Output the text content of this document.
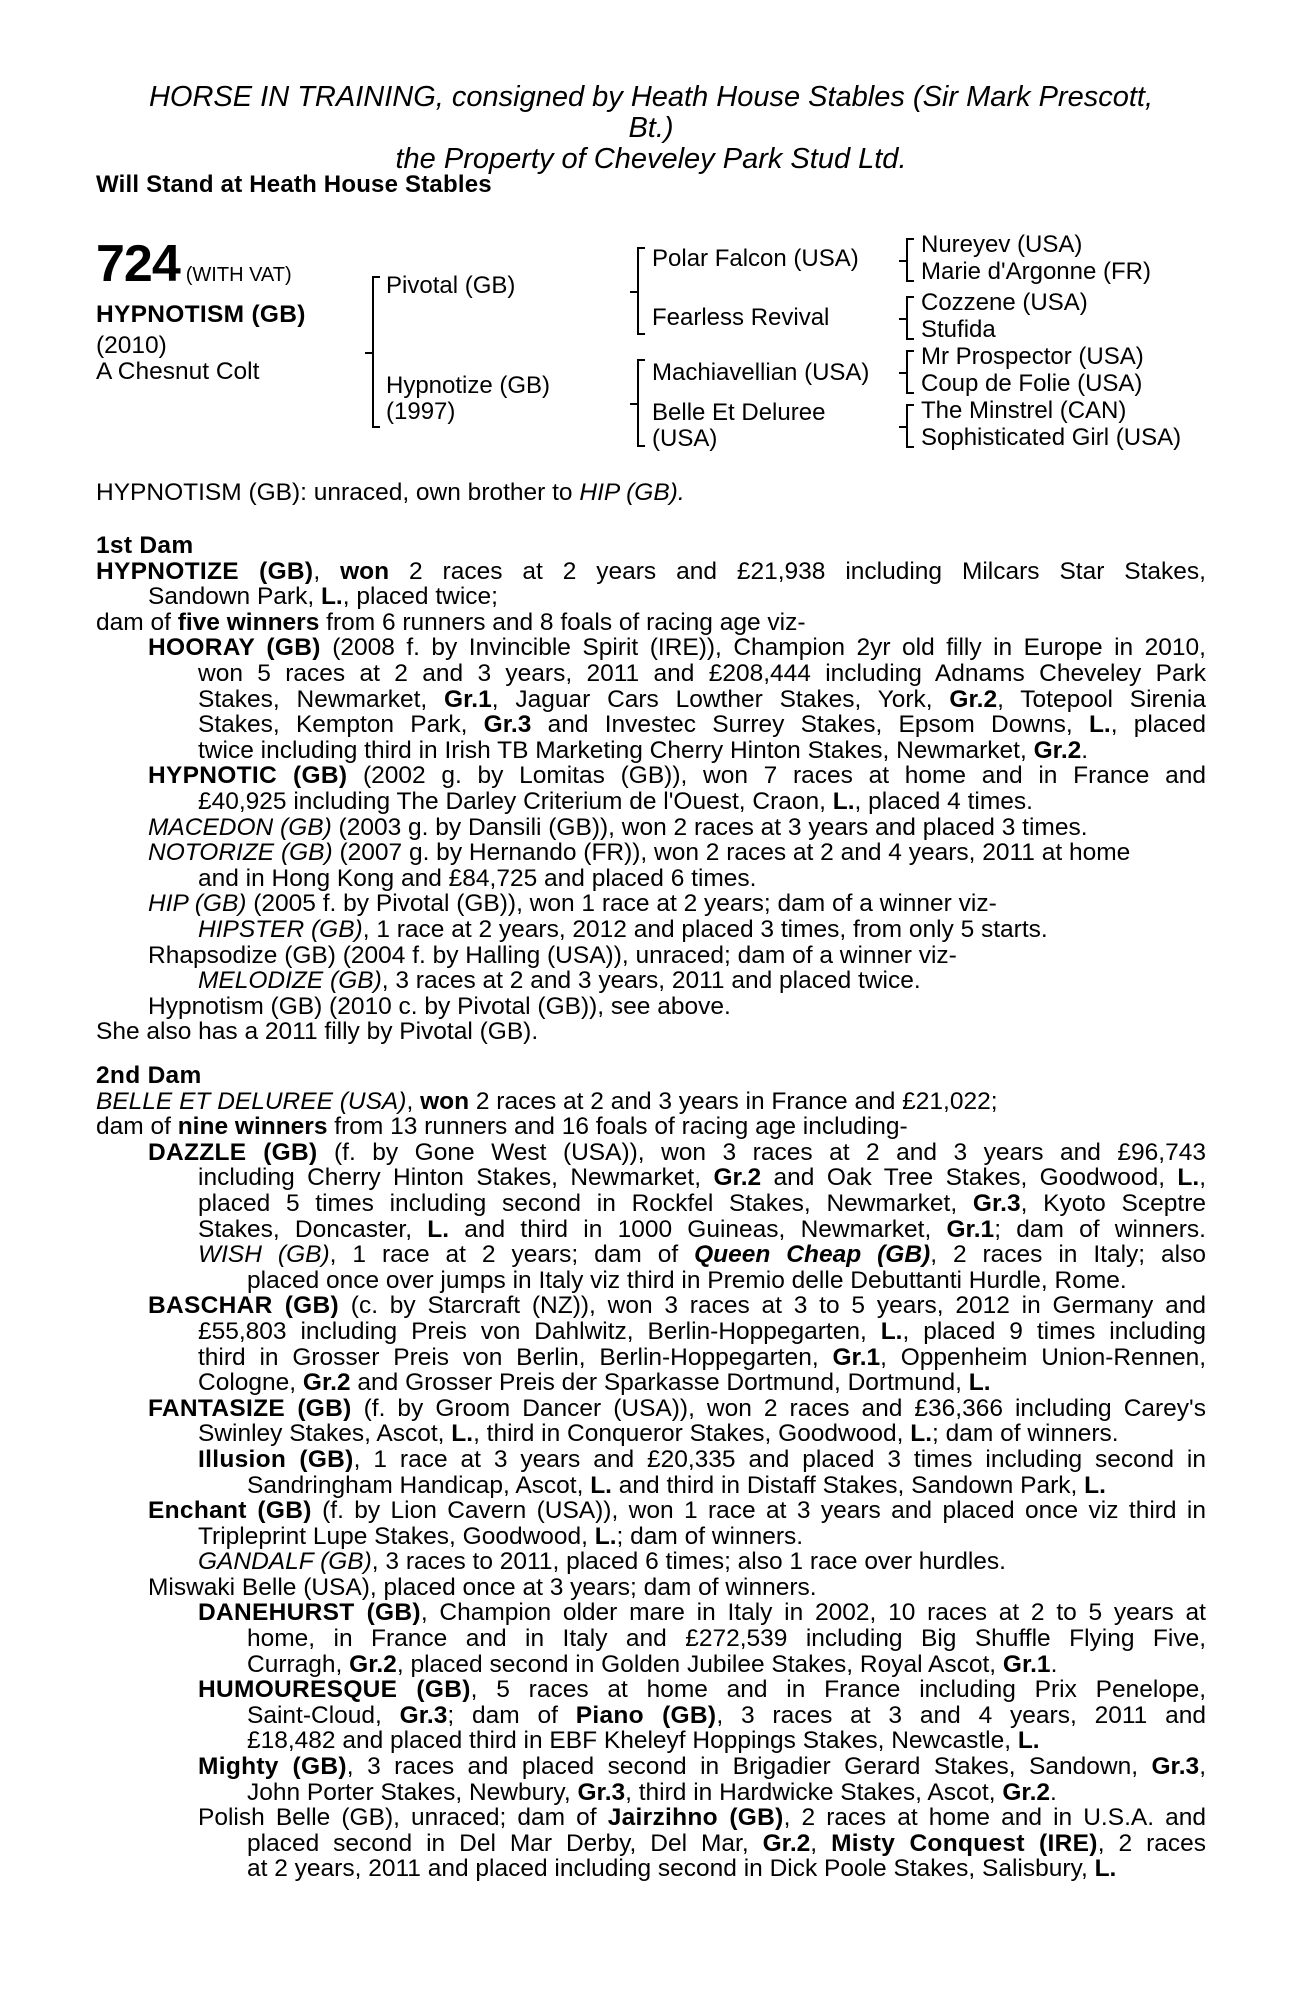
HORSE IN TRAINING, consigned by Heath House Stables (Sir Mark Prescott,
Bt.)
the Property of Cheveley Park Stud Ltd.
Will Stand at Heath House Stables
724 (WITH VAT)
HYPNOTISM (GB)
(2010)
A Chesnut Colt
Pivotal (GB)
Hypnotize (GB)
(1997)
Polar Falcon (USA)
Fearless Revival
Machiavellian (USA)
Belle Et Deluree
(USA)
Nureyev (USA)
Marie d'Argonne (FR)
Cozzene (USA)
Stufida
Mr Prospector (USA)
Coup de Folie (USA)
The Minstrel (CAN)
Sophisticated Girl (USA)
HYPNOTISM (GB): unraced, own brother to HIP (GB).
1st Dam
HYPNOTIZE (GB), won 2 races at 2 years and £21,938 including Milcars Star Stakes,
Sandown Park, L., placed twice;
dam of five winners from 6 runners and 8 foals of racing age viz-
HOORAY (GB) (2008 f. by Invincible Spirit (IRE)), Champion 2yr old filly in Europe in 2010,
won 5 races at 2 and 3 years, 2011 and £208,444 including Adnams Cheveley Park
Stakes, Newmarket, Gr.1, Jaguar Cars Lowther Stakes, York, Gr.2, Totepool Sirenia
Stakes, Kempton Park, Gr.3 and Investec Surrey Stakes, Epsom Downs, L., placed
twice including third in Irish TB Marketing Cherry Hinton Stakes, Newmarket, Gr.2.
HYPNOTIC (GB) (2002 g. by Lomitas (GB)), won 7 races at home and in France and
£40,925 including The Darley Criterium de l'Ouest, Craon, L., placed 4 times.
MACEDON (GB) (2003 g. by Dansili (GB)), won 2 races at 3 years and placed 3 times.
NOTORIZE (GB) (2007 g. by Hernando (FR)), won 2 races at 2 and 4 years, 2011 at home
and in Hong Kong and £84,725 and placed 6 times.
HIP (GB) (2005 f. by Pivotal (GB)), won 1 race at 2 years; dam of a winner viz-
HIPSTER (GB), 1 race at 2 years, 2012 and placed 3 times, from only 5 starts.
Rhapsodize (GB) (2004 f. by Halling (USA)), unraced; dam of a winner viz-
MELODIZE (GB), 3 races at 2 and 3 years, 2011 and placed twice.
Hypnotism (GB) (2010 c. by Pivotal (GB)), see above.
She also has a 2011 filly by Pivotal (GB).
2nd Dam
BELLE ET DELUREE (USA), won 2 races at 2 and 3 years in France and £21,022;
dam of nine winners from 13 runners and 16 foals of racing age including-
DAZZLE (GB) (f. by Gone West (USA)), won 3 races at 2 and 3 years and £96,743
including Cherry Hinton Stakes, Newmarket, Gr.2 and Oak Tree Stakes, Goodwood, L.,
placed 5 times including second in Rockfel Stakes, Newmarket, Gr.3, Kyoto Sceptre
Stakes, Doncaster, L. and third in 1000 Guineas, Newmarket, Gr.1; dam of winners.
WISH (GB), 1 race at 2 years; dam of Queen Cheap (GB), 2 races in Italy; also
placed once over jumps in Italy viz third in Premio delle Debuttanti Hurdle, Rome.
BASCHAR (GB) (c. by Starcraft (NZ)), won 3 races at 3 to 5 years, 2012 in Germany and
£55,803 including Preis von Dahlwitz, Berlin-Hoppegarten, L., placed 9 times including
third in Grosser Preis von Berlin, Berlin-Hoppegarten, Gr.1, Oppenheim Union-Rennen,
Cologne, Gr.2 and Grosser Preis der Sparkasse Dortmund, Dortmund, L.
FANTASIZE (GB) (f. by Groom Dancer (USA)), won 2 races and £36,366 including Carey's
Swinley Stakes, Ascot, L., third in Conqueror Stakes, Goodwood, L.; dam of winners.
Illusion (GB), 1 race at 3 years and £20,335 and placed 3 times including second in
Sandringham Handicap, Ascot, L. and third in Distaff Stakes, Sandown Park, L.
Enchant (GB) (f. by Lion Cavern (USA)), won 1 race at 3 years and placed once viz third in
Tripleprint Lupe Stakes, Goodwood, L.; dam of winners.
GANDALF (GB), 3 races to 2011, placed 6 times; also 1 race over hurdles.
Miswaki Belle (USA), placed once at 3 years; dam of winners.
DANEHURST (GB), Champion older mare in Italy in 2002, 10 races at 2 to 5 years at
home, in France and in Italy and £272,539 including Big Shuffle Flying Five,
Curragh, Gr.2, placed second in Golden Jubilee Stakes, Royal Ascot, Gr.1.
HUMOURESQUE (GB), 5 races at home and in France including Prix Penelope,
Saint-Cloud, Gr.3; dam of Piano (GB), 3 races at 3 and 4 years, 2011 and
£18,482 and placed third in EBF Kheleyf Hoppings Stakes, Newcastle, L.
Mighty (GB), 3 races and placed second in Brigadier Gerard Stakes, Sandown, Gr.3,
John Porter Stakes, Newbury, Gr.3, third in Hardwicke Stakes, Ascot, Gr.2.
Polish Belle (GB), unraced; dam of Jairzihno (GB), 2 races at home and in U.S.A. and
placed second in Del Mar Derby, Del Mar, Gr.2, Misty Conquest (IRE), 2 races
at 2 years, 2011 and placed including second in Dick Poole Stakes, Salisbury, L.
